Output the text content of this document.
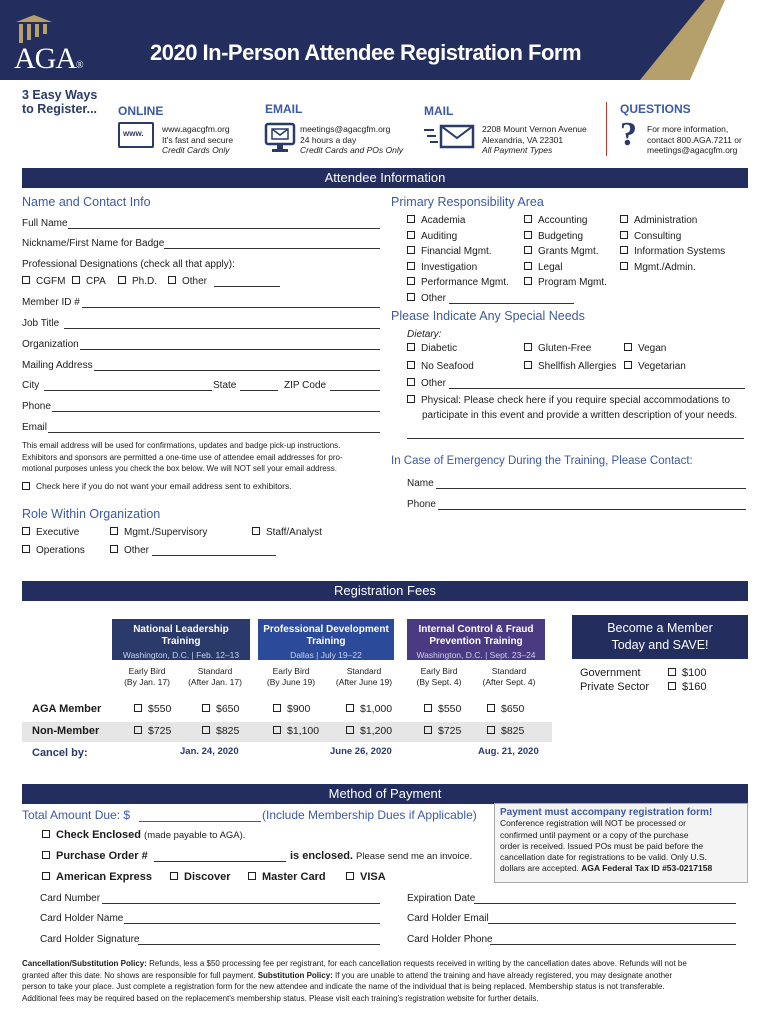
AGA®
2020 In-Person Attendee Registration Form
3 Easy Ways
to Register... ONLINE	EMAIL	MAIL	QUESTIONS
www. www.agacgfm.org
It's fast and secure
Credit Cards Only
meetings@agacgfm.org
24 hours a day
Credit Cards and POs Only
2208 Mount Vernon Avenue
Alexandria, VA 22301
All Payment Types	? For more information,
contact 800.AGA.7211 or
meetings@agacgfm.org
Attendee Information
Name and Contact Info
Full Name
Nickname/First Name for Badge
Professional Designations (check all that apply):
CGFM	CPA	Ph.D.	Other
Member ID #
Job Title
Organization
Mailing Address
City	State	ZIP Code
Phone
Email
This email address will be used for confirmations, updates and badge pick-up instructions.
Exhibitors and sponsors are permitted a one-time use of attendee email addresses for pro-
motional purposes unless you check the box below. We will NOT sell your email address.
Check here if you do not want your email address sent to exhibitors.
Role Within Organization
Executive	Mgmt./Supervisory	Staff/Analyst
Operations	Other
Primary Responsibility Area
Academia	Accounting	Administration
Auditing	Budgeting	Consulting
Financial Mgmt.	Grants Mgmt.	Information Systems
Investigation	Legal	Mgmt./Admin.
Performance Mgmt.	Program Mgmt.
Other
Please Indicate Any Special Needs
Dietary:
Diabetic	Gluten-Free	Vegan
No Seafood	Shellfish Allergies	Vegetarian
Other
Physical: Please check here if you require special accommodations to
participate in this event and provide a written description of your needs.
In Case of Emergency During the Training, Please Contact:
Name
Phone
Registration Fees
National Leadership
Training
Washington, D.C. | Feb. 12–13
Professional Development
Training
Dallas | July 19–22
Internal Control & Fraud
Prevention Training
Washington, D.C. | Sept. 23–24
Early Bird
(By Jan. 17)
Standard
(After Jan. 17)
Early Bird
(By June 19)
Standard
(After June 19)
Early Bird
(By Sept. 4)
Standard
(After Sept. 4)
AGA Member
Non-Member
$550	$650	$900	$1,000	$550	$650
$725	$825	$1,100	$1,200	$725	$825
Cancel by:	Jan. 24, 2020	June 26, 2020	Aug. 21, 2020
Become a Member
Today and SAVE!
Government	$100
Private Sector	$160
Method of Payment
Total Amount Due: $	(Include Membership Dues if Applicable)
Check Enclosed (made payable to AGA).
Purchase Order #	is enclosed. Please send me an invoice.
American Express	Discover	Master Card	VISA
Payment must accompany registration form!
Conference registration will NOT be processed or
confirmed until payment or a copy of the purchase
order is received. Issued POs must be paid before the
cancellation date for registrations to be valid. Only U.S.
dollars are accepted. AGA Federal Tax ID #53-0217158
Card Number	Expiration Date
Card Holder Name	Card Holder Email
Card Holder Signature	Card Holder Phone
Cancellation/Substitution Policy: Refunds, less a $50 processing fee per registrant, for each cancellation requests received in writing by the cancellation dates above. Refunds will not be
granted after this date. No shows are responsible for full payment. Substitution Policy: If you are unable to attend the training and have already registered, you may designate another
person to take your place. Just complete a registration form for the new attendee and indicate the name of the individual that is being replaced. Membership status is not transferable.
Additional fees may be required based on the replacement's membership status. Please visit each training's registration website for further details.
